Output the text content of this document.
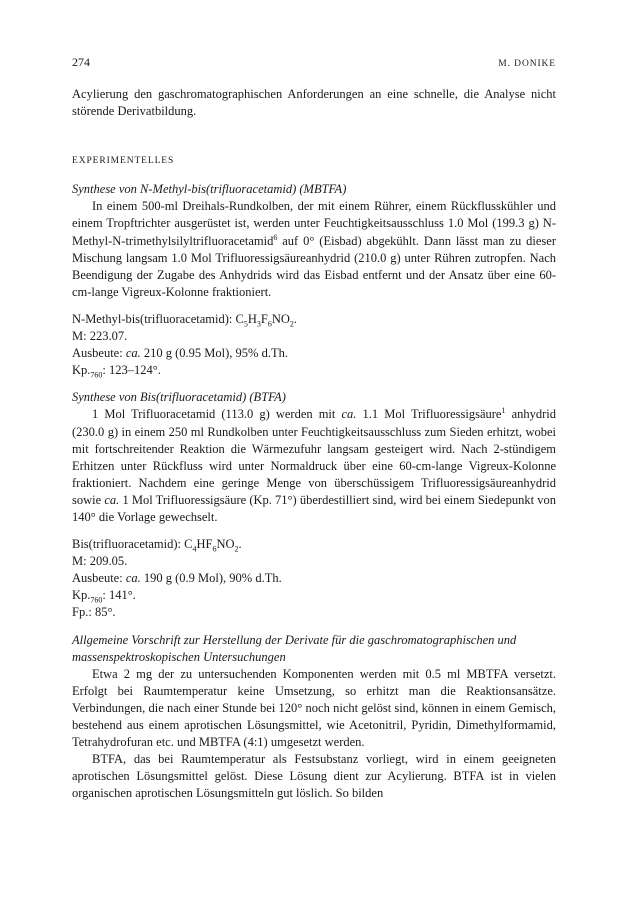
274	M. DONIKE

Acylierung den gaschromatographischen Anforderungen an eine schnelle, die Analyse nicht störende Derivatbildung.

EXPERIMENTELLES
Synthese von N-Methyl-bis(trifluoracetamid) (MBTFA)

In einem 500-ml Dreihals-Rundkolben, der mit einem Rührer, einem Rückflusskühler und einem Tropftrichter ausgerüstet ist, werden unter Feuchtigkeitsausschluss 1.0 Mol (199.3 g) N-Methyl-N-trimethylsilyltrifluoracetamid$^6$ auf 0° (Eisbad) abgekühlt. Dann lässt man zu dieser Mischung langsam 1.0 Mol Trifluoressigsäureanhydrid (210.0 g) unter Rühren zutropfen. Nach Beendigung der Zugabe des Anhydrids wird das Eisbad entfernt und der Ansatz über eine 60-cm-lange Vigreux-Kolonne fraktioniert.

N-Methyl-bis(trifluoracetamid): $C_5H_3F_6NO_2$.
M: 223.07.
Ausbeute: ca. 210 g (0.95 Mol), 95% d.Th.
$Kp._{760}$: 123–124°.
Synthese von Bis(trifluoracetamid) (BTFA)

1 Mol Trifluoracetamid (113.0 g) werden mit ca. 1.1 Mol Trifluoressigsäure$^1$ anhydrid (230.0 g) in einem 250 ml Rundkolben unter Feuchtigkeitsausschluss zum Sieden erhitzt, wobei mit fortschreitender Reaktion die Wärmezufuhr langsam gesteigert wird. Nach 2-stündigem Erhitzen unter Rückfluss wird unter Normaldruck über eine 60-cm-lange Vigreux-Kolonne fraktioniert. Nachdem eine geringe Menge von überschüssigem Trifluoressigsäureanhydrid sowie ca. 1 Mol Trifluoressigsäure (Kp. 71°) überdestilliert sind, wird bei einem Siedepunkt von 140° die Vorlage gewechselt.

Bis(trifluoracetamid): $C_4HF_6NO_2$.
M: 209.05.
Ausbeute: ca. 190 g (0.9 Mol), 90% d.Th.
$Kp._{760}$: 141°.
Fp.: 85°.
Allgemeine Vorschrift zur Herstellung der Derivate für die gaschromatographischen und massenspektroskopischen Untersuchungen

Etwa 2 mg der zu untersuchenden Komponenten werden mit 0.5 ml MBTFA versetzt. Erfolgt bei Raumtemperatur keine Umsetzung, so erhitzt man die Reaktionsansätze. Verbindungen, die nach einer Stunde bei 120° noch nicht gelöst sind, können in einem Gemisch, bestehend aus einem aprotischen Lösungsmittel, wie Acetonitril, Pyridin, Dimethylformamid, Tetrahydrofuran etc. und MBTFA (4:1) umgesetzt werden.

BTFA, das bei Raumtemperatur als Festsubstanz vorliegt, wird in einem geeigneten aprotischen Lösungsmittel gelöst. Diese Lösung dient zur Acylierung. BTFA ist in vielen organischen aprotischen Lösungsmitteln gut löslich. So bilden
